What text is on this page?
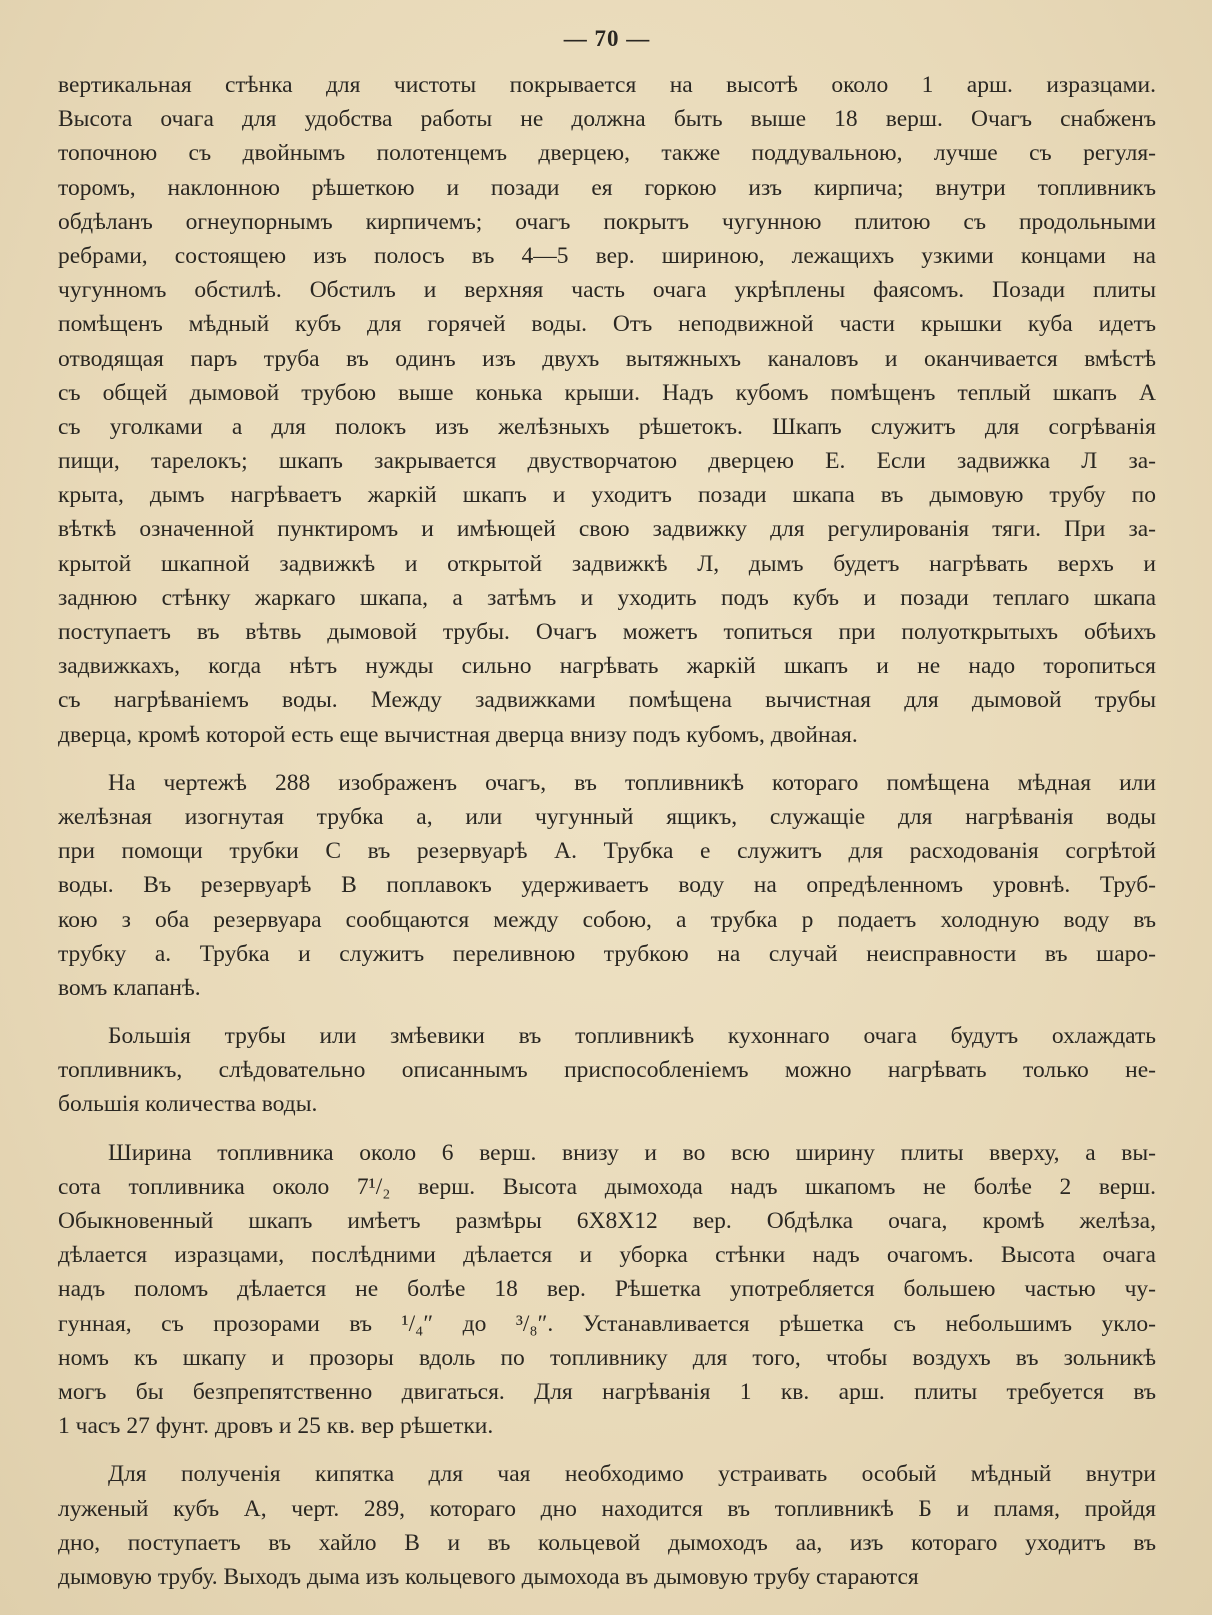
— 70 —
вертикальная стѣнка для чистоты покрывается на высотѣ около 1 арш. изразцами.
Высота очага для удобства работы не должна быть выше 18 верш. Очагъ снабженъ
топочною съ двойнымъ полотенцемъ дверцею, также поддувальною, лучше съ регуля-
торомъ, наклонною рѣшеткою и позади ея горкою изъ кирпича; внутри топливникъ
обдѣланъ огнеупорнымъ кирпичемъ; очагъ покрытъ чугунною плитою съ продольными
ребрами, состоящею изъ полосъ въ 4—5 вер. шириною, лежащихъ узкими концами на
чугунномъ обстилѣ. Обстилъ и верхняя часть очага укрѣплены фаясомъ. Позади плиты
помѣщенъ мѣдный кубъ для горячей воды. Отъ неподвижной части крышки куба идетъ
отводящая паръ труба въ одинъ изъ двухъ вытяжныхъ каналовъ и оканчивается вмѣстѣ
съ общей дымовой трубою выше конька крыши. Надъ кубомъ помѣщенъ теплый шкапъ А
съ уголками а для полокъ изъ желѣзныхъ рѣшетокъ. Шкапъ служитъ для согрѣванія
пищи, тарелокъ; шкапъ закрывается двустворчатою дверцею Е. Если задвижка Л за-
крыта, дымъ нагрѣваетъ жаркій шкапъ и уходитъ позади шкапа въ дымовую трубу по
вѣткѣ означенной пунктиромъ и имѣющей свою задвижку для регулированія тяги. При за-
крытой шкапной задвижкѣ и открытой задвижкѣ Л, дымъ будетъ нагрѣвать верхъ и
заднюю стѣнку жаркаго шкапа, а затѣмъ и уходить подъ кубъ и позади теплаго шкапа
поступаетъ въ вѣтвь дымовой трубы. Очагъ можетъ топиться при полуоткрытыхъ обѣихъ
задвижкахъ, когда нѣтъ нужды сильно нагрѣвать жаркій шкапъ и не надо торопиться
съ нагрѣваніемъ воды. Между задвижками помѣщена вычистная для дымовой трубы
дверца, кромѣ которой есть еще вычистная дверца внизу подъ кубомъ, двойная.
На чертежѣ 288 изображенъ очагъ, въ топливникѣ котораго помѣщена мѣдная или
желѣзная изогнутая трубка а, или чугунный ящикъ, служащіе для нагрѣванія воды
при помощи трубки С въ резервуарѣ А. Трубка е служитъ для расходованія согрѣтой
воды. Въ резервуарѣ В поплавокъ удерживаетъ воду на опредѣленномъ уровнѣ. Труб-
кою з оба резервуара сообщаются между собою, а трубка р подаетъ холодную воду въ
трубку а. Трубка и служитъ переливною трубкою на случай неисправности въ шаро-
вомъ клапанѣ.
Большія трубы или змѣевики въ топливникѣ кухоннаго очага будутъ охлаждать
топливникъ, слѣдовательно описаннымъ приспособленіемъ можно нагрѣвать только не-
большія количества воды.
Ширина топливника около 6 верш. внизу и во всю ширину плиты вверху, а вы-
сота топливника около 7¹/₂ верш. Высота дымохода надъ шкапомъ не болѣе 2 верш.
Обыкновенный шкапъ имѣетъ размѣры 6X8X12 вер. Обдѣлка очага, кромѣ желѣза,
дѣлается изразцами, послѣдними дѣлается и уборка стѣнки надъ очагомъ. Высота очага
надъ поломъ дѣлается не болѣе 18 вер. Рѣшетка употребляется большею частью чу-
гунная, съ прозорами въ ¹/₄″ до ³/₈″. Устанавливается рѣшетка съ небольшимъ укло-
номъ къ шкапу и прозоры вдоль по топливнику для того, чтобы воздухъ въ зольникѣ
могъ бы безпрепятственно двигаться. Для нагрѣванія 1 кв. арш. плиты требуется въ
1 часъ 27 фунт. дровъ и 25 кв. вер рѣшетки.
Для полученія кипятка для чая необходимо устраивать особый мѣдный внутри
луженый кубъ А, черт. 289, котораго дно находится въ топливникѣ Б и пламя, пройдя
дно, поступаетъ въ хайло В и въ кольцевой дымоходъ аа, изъ котораго уходитъ въ
дымовую трубу. Выходъ дыма изъ кольцевого дымохода въ дымовую трубу стараются
